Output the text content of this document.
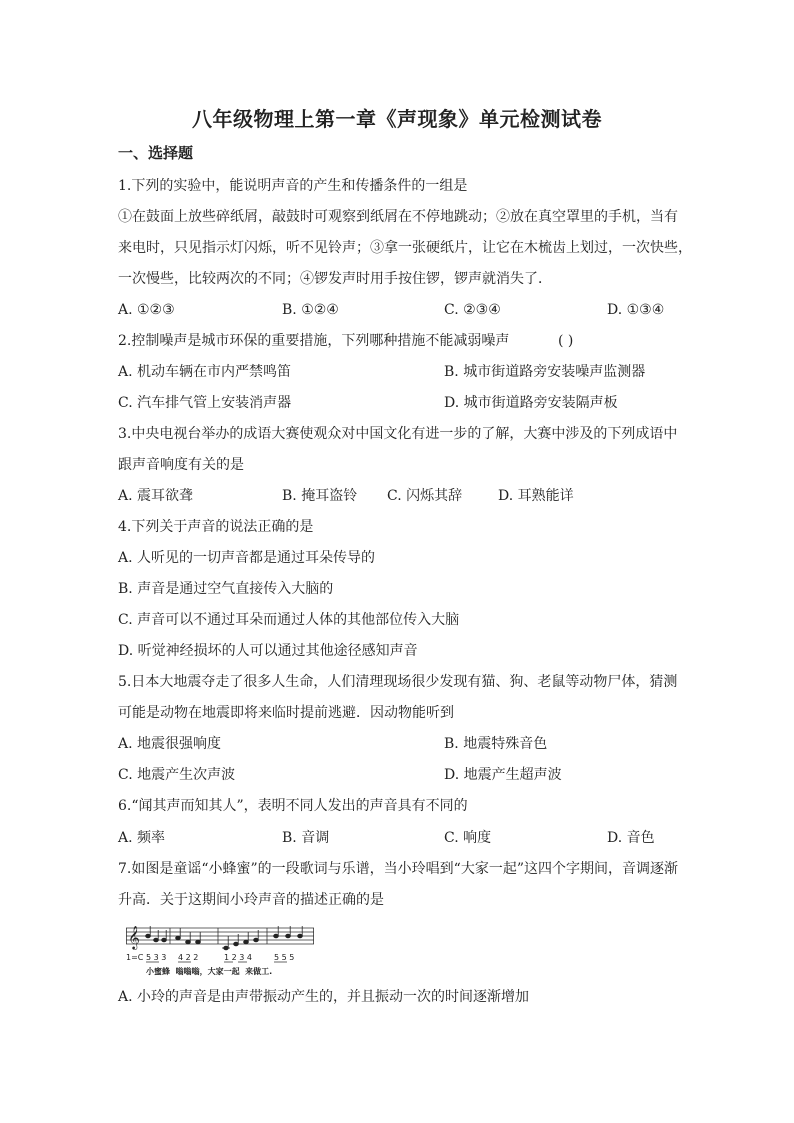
八年级物理上第一章《声现象》单元检测试卷
一、选择题
1.下列的实验中，能说明声音的产生和传播条件的一组是
①在鼓面上放些碎纸屑，敲鼓时可观察到纸屑在不停地跳动；②放在真空罩里的手机，当有
来电时，只见指示灯闪烁，听不见铃声；③拿一张硬纸片，让它在木梳齿上划过，一次快些，
一次慢些，比较两次的不同；④锣发声时用手按住锣，锣声就消失了．
A. ①②③	B. ①②④	C. ②③④	D. ①③④
2.控制噪声是城市环保的重要措施，下列哪种措施不能减弱噪声	( )
A. 机动车辆在市内严禁鸣笛	B. 城市街道路旁安装噪声监测器
C. 汽车排气管上安装消声器	D. 城市街道路旁安装隔声板
3.中央电视台举办的成语大赛使观众对中国文化有进一步的了解，大赛中涉及的下列成语中
跟声音响度有关的是
A. 震耳欲聋	B. 掩耳盗铃 C. 闪烁其辞	D. 耳熟能详
4.下列关于声音的说法正确的是
A. 人听见的一切声音都是通过耳朵传导的
B. 声音是通过空气直接传入大脑的
C. 声音可以不通过耳朵而通过人体的其他部位传入大脑
D. 听觉神经损坏的人可以通过其他途径感知声音
5.日本大地震夺走了很多人生命，人们清理现场很少发现有猫、狗、老鼠等动物尸体，猜测
可能是动物在地震即将来临时提前逃避．因动物能听到
A. 地震很强响度	B. 地震特殊音色
C. 地震产生次声波	D. 地震产生超声波
6.“闻其声而知其人”，表明不同人发出的声音具有不同的
A. 频率	B. 音调	C. 响度	D. 音色
7.如图是童谣“小蜂蜜”的一段歌词与乐谱，当小玲唱到“大家一起”这四个字期间，音调逐渐
升高．关于这期间小玲声音的描述正确的是
𝄞
1=C 5 3 3 4 2 2	1 2 3 4	5 5 5
小蜜蜂  嗡嗡嗡，大家一起  来做工.
A. 小玲的声音是由声带振动产生的，并且振动一次的时间逐渐增加
